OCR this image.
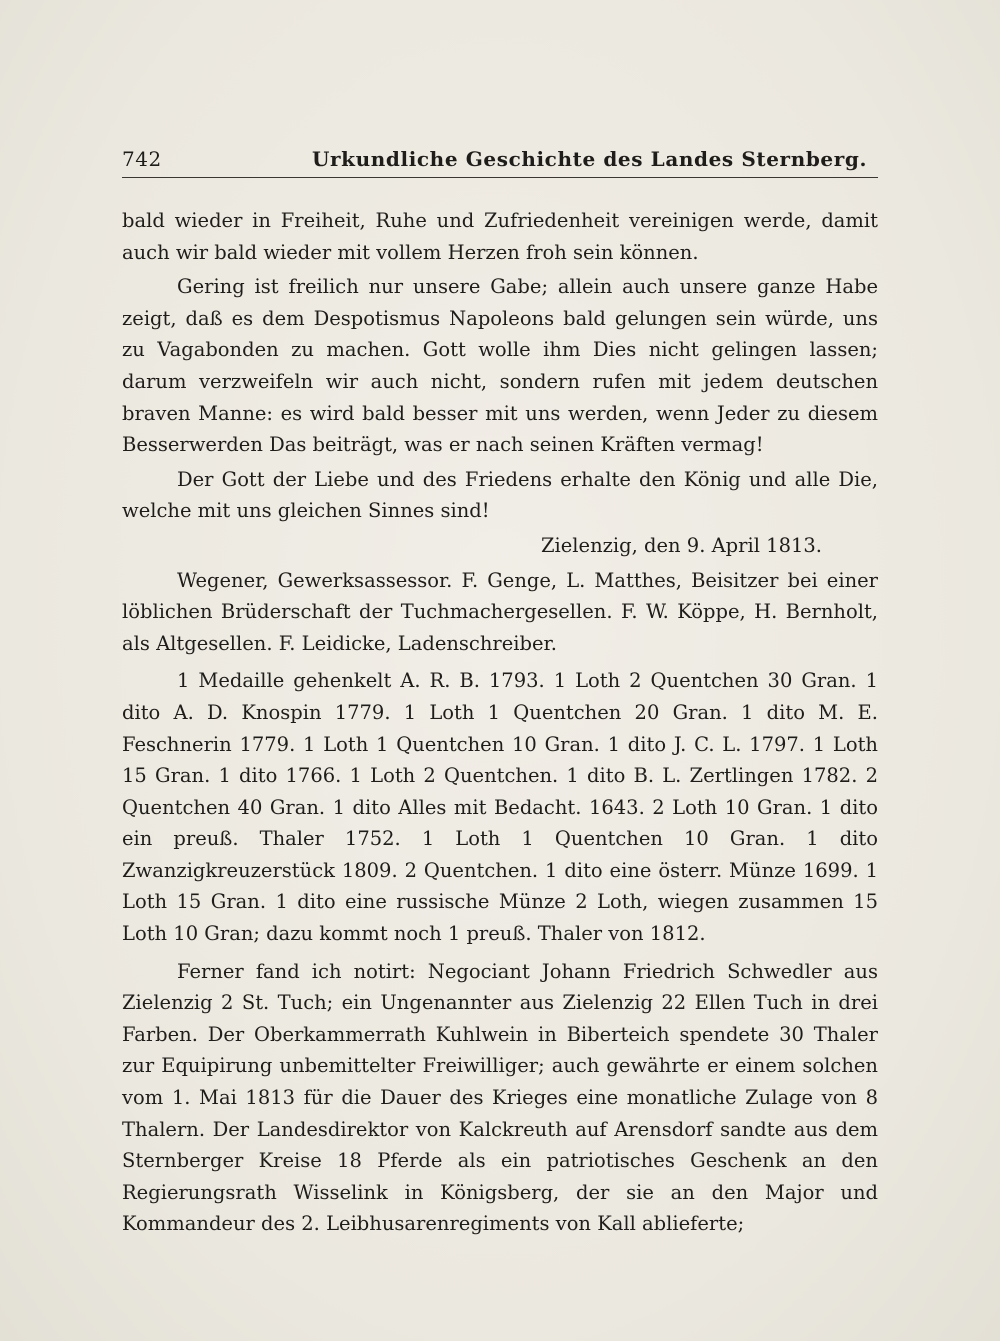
742	Urkundliche Geschichte des Landes Sternberg.

bald wieder in Freiheit, Ruhe und Zufriedenheit vereinigen werde, damit auch wir bald wieder mit vollem Herzen froh sein können.

Gering ist freilich nur unsere Gabe; allein auch unsere ganze Habe zeigt, daß es dem Despotismus Napoleons bald gelungen sein würde, uns zu Vagabonden zu machen. Gott wolle ihm Dies nicht gelingen lassen; darum verzweifeln wir auch nicht, sondern rufen mit jedem deutschen braven Manne: es wird bald besser mit uns werden, wenn Jeder zu diesem Besserwerden Das beiträgt, was er nach seinen Kräften vermag!

Der Gott der Liebe und des Friedens erhalte den König und alle Die, welche mit uns gleichen Sinnes sind!

Zielenzig, den 9. April 1813.

Wegener, Gewerksassessor. F. Genge, L. Matthes, Beisitzer bei einer löblichen Brüderschaft der Tuchmachergesellen. F. W. Köppe, H. Bernholt, als Altgesellen. F. Leidicke, Ladenschreiber.

1 Medaille gehenkelt A. R. B. 1793. 1 Loth 2 Quentchen 30 Gran. 1 dito A. D. Knospin 1779. 1 Loth 1 Quentchen 20 Gran. 1 dito M. E. Feschnerin 1779. 1 Loth 1 Quentchen 10 Gran. 1 dito J. C. L. 1797. 1 Loth 15 Gran. 1 dito 1766. 1 Loth 2 Quentchen. 1 dito B. L. Zertlingen 1782. 2 Quentchen 40 Gran. 1 dito Alles mit Bedacht. 1643. 2 Loth 10 Gran. 1 dito ein preuß. Thaler 1752. 1 Loth 1 Quentchen 10 Gran. 1 dito Zwanzigkreuzerstück 1809. 2 Quentchen. 1 dito eine österr. Münze 1699. 1 Loth 15 Gran. 1 dito eine russische Münze 2 Loth, wiegen zusammen 15 Loth 10 Gran; dazu kommt noch 1 preuß. Thaler von 1812.

Ferner fand ich notirt: Negociant Johann Friedrich Schwedler aus Zielenzig 2 St. Tuch; ein Ungenannter aus Zielenzig 22 Ellen Tuch in drei Farben. Der Oberkammerrath Kuhlwein in Biberteich spendete 30 Thaler zur Equipirung unbemittelter Freiwilliger; auch gewährte er einem solchen vom 1. Mai 1813 für die Dauer des Krieges eine monatliche Zulage von 8 Thalern. Der Landesdirektor von Kalckreuth auf Arensdorf sandte aus dem Sternberger Kreise 18 Pferde als ein patriotisches Geschenk an den Regierungsrath Wisselink in Königsberg, der sie an den Major und Kommandeur des 2. Leibhusarenregiments von Kall ablieferte;
